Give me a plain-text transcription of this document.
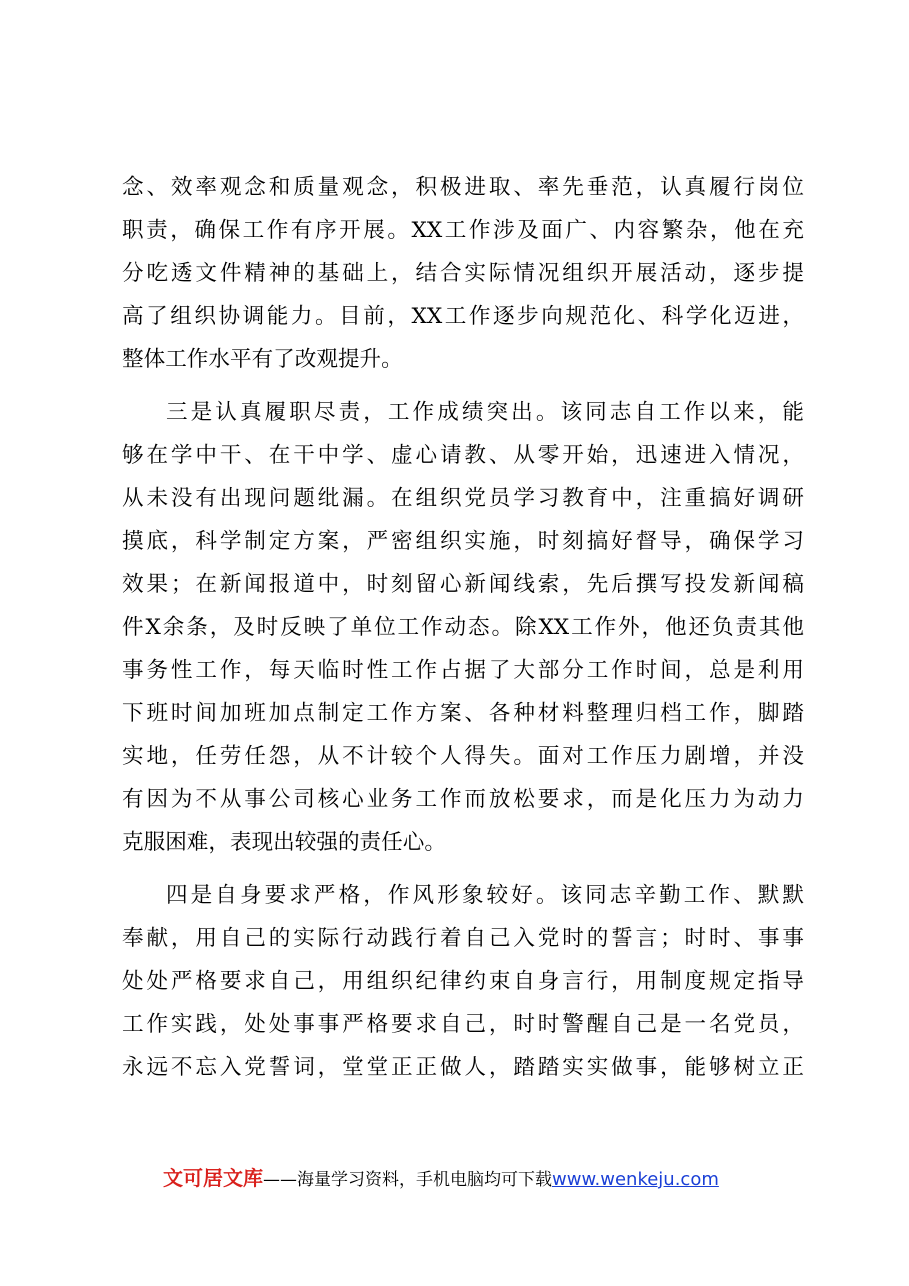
念、效率观念和质量观念，积极进取、率先垂范，认真履行岗位
职责，确保工作有序开展。XX工作涉及面广、内容繁杂，他在充
分吃透文件精神的基础上，结合实际情况组织开展活动，逐步提
高了组织协调能力。目前，XX工作逐步向规范化、科学化迈进，
整体工作水平有了改观提升。
三是认真履职尽责，工作成绩突出。该同志自工作以来，能
够在学中干、在干中学、虚心请教、从零开始，迅速进入情况，
从未没有出现问题纰漏。在组织党员学习教育中，注重搞好调研
摸底，科学制定方案，严密组织实施，时刻搞好督导，确保学习
效果；在新闻报道中，时刻留心新闻线索，先后撰写投发新闻稿
件X余条，及时反映了单位工作动态。除XX工作外，他还负责其他
事务性工作，每天临时性工作占据了大部分工作时间，总是利用
下班时间加班加点制定工作方案、各种材料整理归档工作，脚踏
实地，任劳任怨，从不计较个人得失。面对工作压力剧增，并没
有因为不从事公司核心业务工作而放松要求，而是化压力为动力
克服困难，表现出较强的责任心。
四是自身要求严格，作风形象较好。该同志辛勤工作、默默
奉献，用自己的实际行动践行着自己入党时的誓言；时时、事事
处处严格要求自己，用组织纪律约束自身言行，用制度规定指导
工作实践，处处事事严格要求自己，时时警醒自己是一名党员，
永远不忘入党誓词，堂堂正正做人，踏踏实实做事，能够树立正
文可居文库——海量学习资料，手机电脑均可下载www.wenkeju.com
